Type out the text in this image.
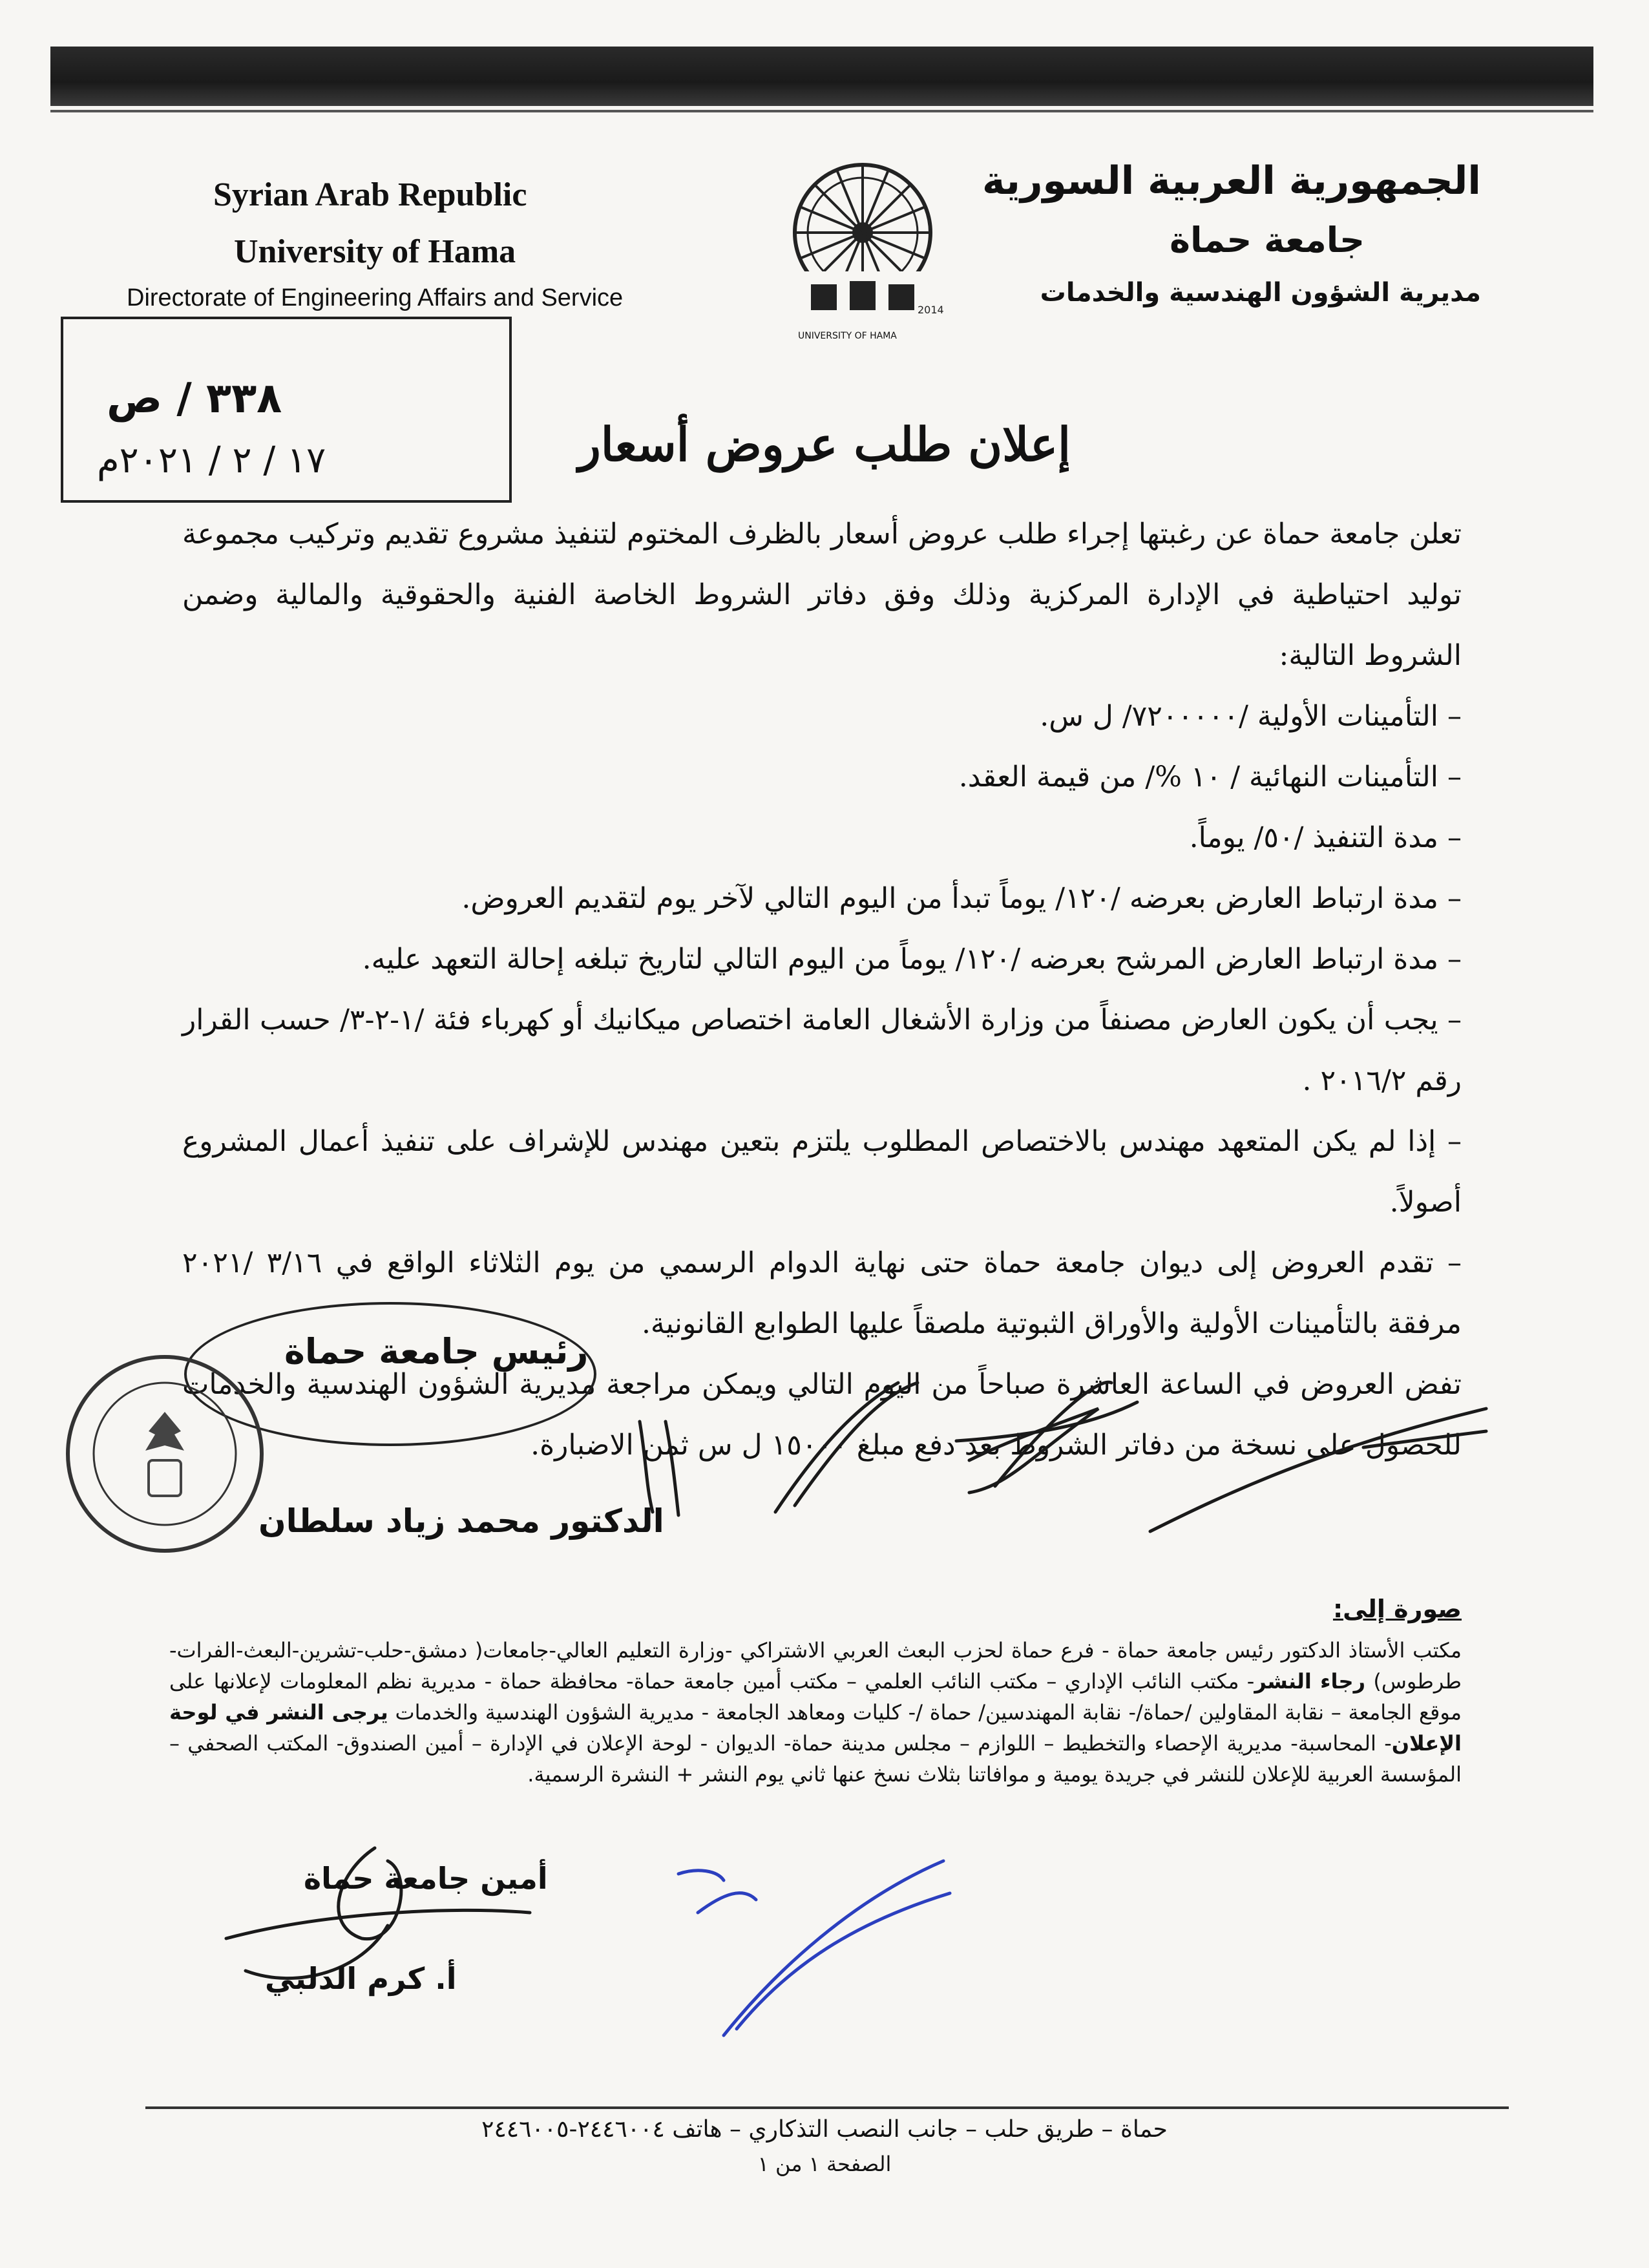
Syrian Arab Republic
University of Hama
Directorate of Engineering Affairs and Service
الجمهورية العربية السورية
جامعة حماة
مديرية الشؤون الهندسية والخدمات
2014
UNIVERSITY OF HAMA
٣٣٨ / ص
١٧ / ٢ / ٢٠٢١م	إعلان طلب عروض أسعار

تعلن جامعة حماة عن رغبتها إجراء طلب عروض أسعار بالظرف المختوم لتنفيذ مشروع تقديم وتركيب مجموعة توليد احتياطية في الإدارة المركزية وذلك وفق دفاتر الشروط الخاصة الفنية والحقوقية والمالية وضمن الشروط التالية:

– التأمينات الأولية /٧٢٠٠٠٠٠/ ل س.

– التأمينات النهائية / ١٠ %/ من قيمة العقد.

– مدة التنفيذ /٥٠/ يوماً.

– مدة ارتباط العارض بعرضه /١٢٠/ يوماً تبدأ من اليوم التالي لآخر يوم لتقديم العروض.

– مدة ارتباط العارض المرشح بعرضه /١٢٠/ يوماً من اليوم التالي لتاريخ تبلغه إحالة التعهد عليه.

– يجب أن يكون العارض مصنفاً من وزارة الأشغال العامة اختصاص ميكانيك أو كهرباء فئة /١-٢-٣/ حسب القرار رقم ٢٠١٦/٢ .

– إذا لم يكن المتعهد مهندس بالاختصاص المطلوب يلتزم بتعين مهندس للإشراف على تنفيذ أعمال المشروع أصولاً.

– تقدم العروض إلى ديوان جامعة حماة حتى نهاية الدوام الرسمي من يوم الثلاثاء الواقع في ٣/١٦ /٢٠٢١ مرفقة بالتأمينات الأولية والأوراق الثبوتية ملصقاً عليها الطوابع القانونية.

تفض العروض في الساعة العاشرة صباحاً من اليوم التالي ويمكن مراجعة مديرية الشؤون الهندسية والخدمات للحصول على نسخة من دفاتر الشروط بعد دفع مبلغ ١٥٠٠٠ ل س ثمن الاضبارة.

رئيس جامعة حماة
الدكتور محمد زياد سلطان
صورة إلى:
مكتب الأستاذ الدكتور رئيس جامعة حماة - فرع حماة لحزب البعث العربي الاشتراكي -وزارة التعليم العالي-جامعات( دمشق-حلب-تشرين-البعث-الفرات-طرطوس) رجاء النشر- مكتب النائب الإداري – مكتب النائب العلمي – مكتب أمين جامعة حماة- محافظة حماة - مديرية نظم المعلومات لإعلانها على موقع الجامعة – نقابة المقاولين /حماة/- نقابة المهندسين/ حماة /- كليات ومعاهد الجامعة - مديرية الشؤون الهندسية والخدمات يرجى النشر في لوحة الإعلان- المحاسبة- مديرية الإحصاء والتخطيط – اللوازم – مجلس مدينة حماة- الديوان - لوحة الإعلان في الإدارة – أمين الصندوق- المكتب الصحفي – المؤسسة العربية للإعلان للنشر في جريدة يومية و موافاتنا بثلاث نسخ عنها ثاني يوم النشر + النشرة الرسمية.
أمين جامعة حماة
أ. كرم الدلبي
حماة – طريق حلب – جانب النصب التذكاري – هاتف ٢٤٤٦٠٠٤-٢٤٤٦٠٠٥
الصفحة ١ من ١
